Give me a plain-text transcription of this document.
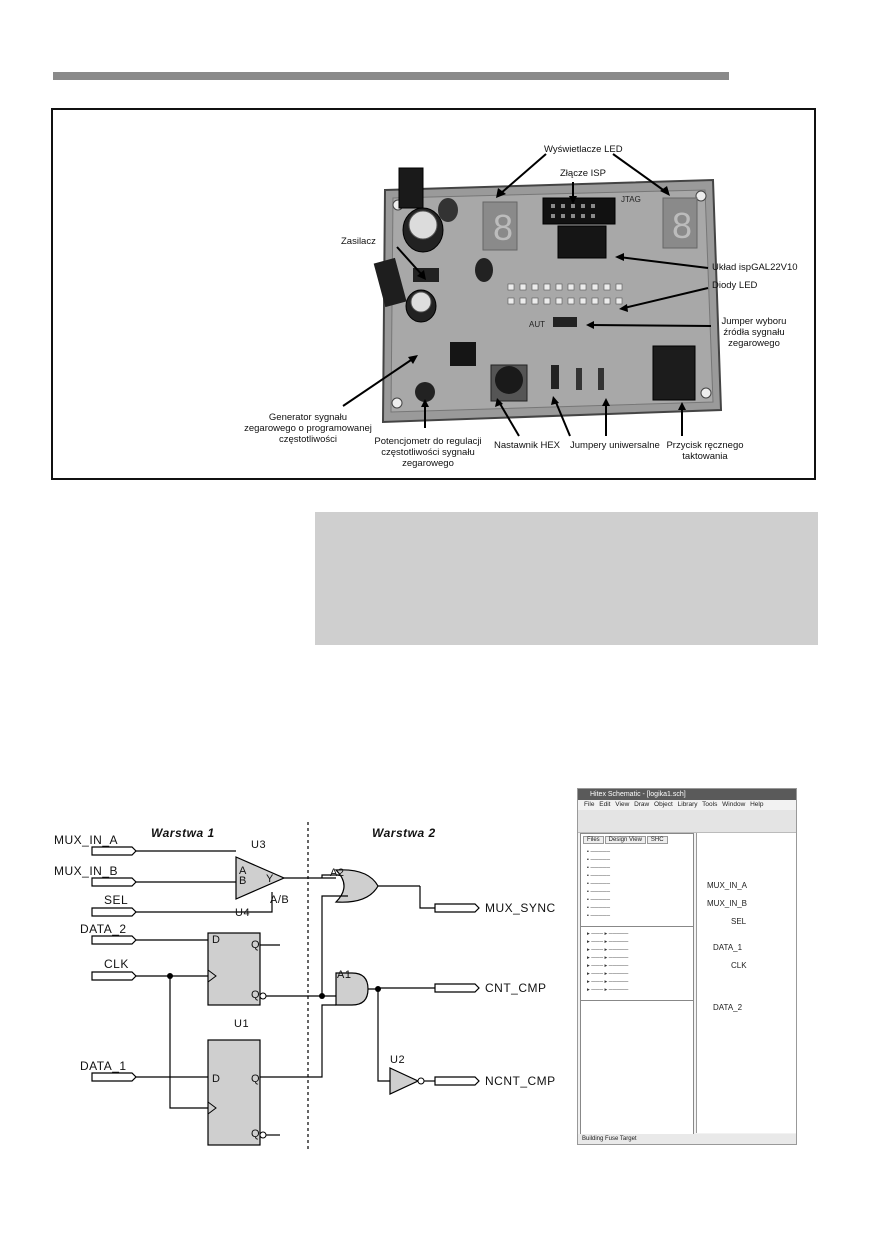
8	8
JTAG
AUT
Wyświetlacze LED
Złącze ISP
Zasilacz
Układ ispGAL22V10
Diody LED
Jumper wyboru
źródła sygnału
zegarowego
Generator sygnału
zegarowego o programowanej
częstotliwości	Potencjometr do regulacji
częstotliwości sygnału
zegarowego
Nastawnik HEX Jumpery uniwersalne Przycisk ręcznego
taktowania
Warstwa 1	Warstwa 2
MUX_IN_A
MUX_IN_B
SEL
DATA_2
CLK
DATA_1
MUX_SYNC
CNT_CMP
NCNT_CMP
U3
U4
U1
U2
A1
A2
A
B Y
A/B
D	Q
Q
D	Q
Q
Hitex Schematic - [logika1.sch]
File Edit View Draw Object Library Tools Window Help
Files Design View SHC
▪ ─────
▪ ─────
▪ ─────
▪ ─────
▪ ─────
▪ ─────
▪ ─────
▪ ─────
▪ ─────
▸ ─── ▸ ─────
▸ ─── ▸ ─────
▸ ─── ▸ ─────
▸ ─── ▸ ─────
▸ ─── ▸ ─────
▸ ─── ▸ ─────
▸ ─── ▸ ─────
▸ ─── ▸ ─────
MUX_IN_A
MUX_IN_B
SEL
DATA_1
CLK
DATA_2
Building Fuse Target
